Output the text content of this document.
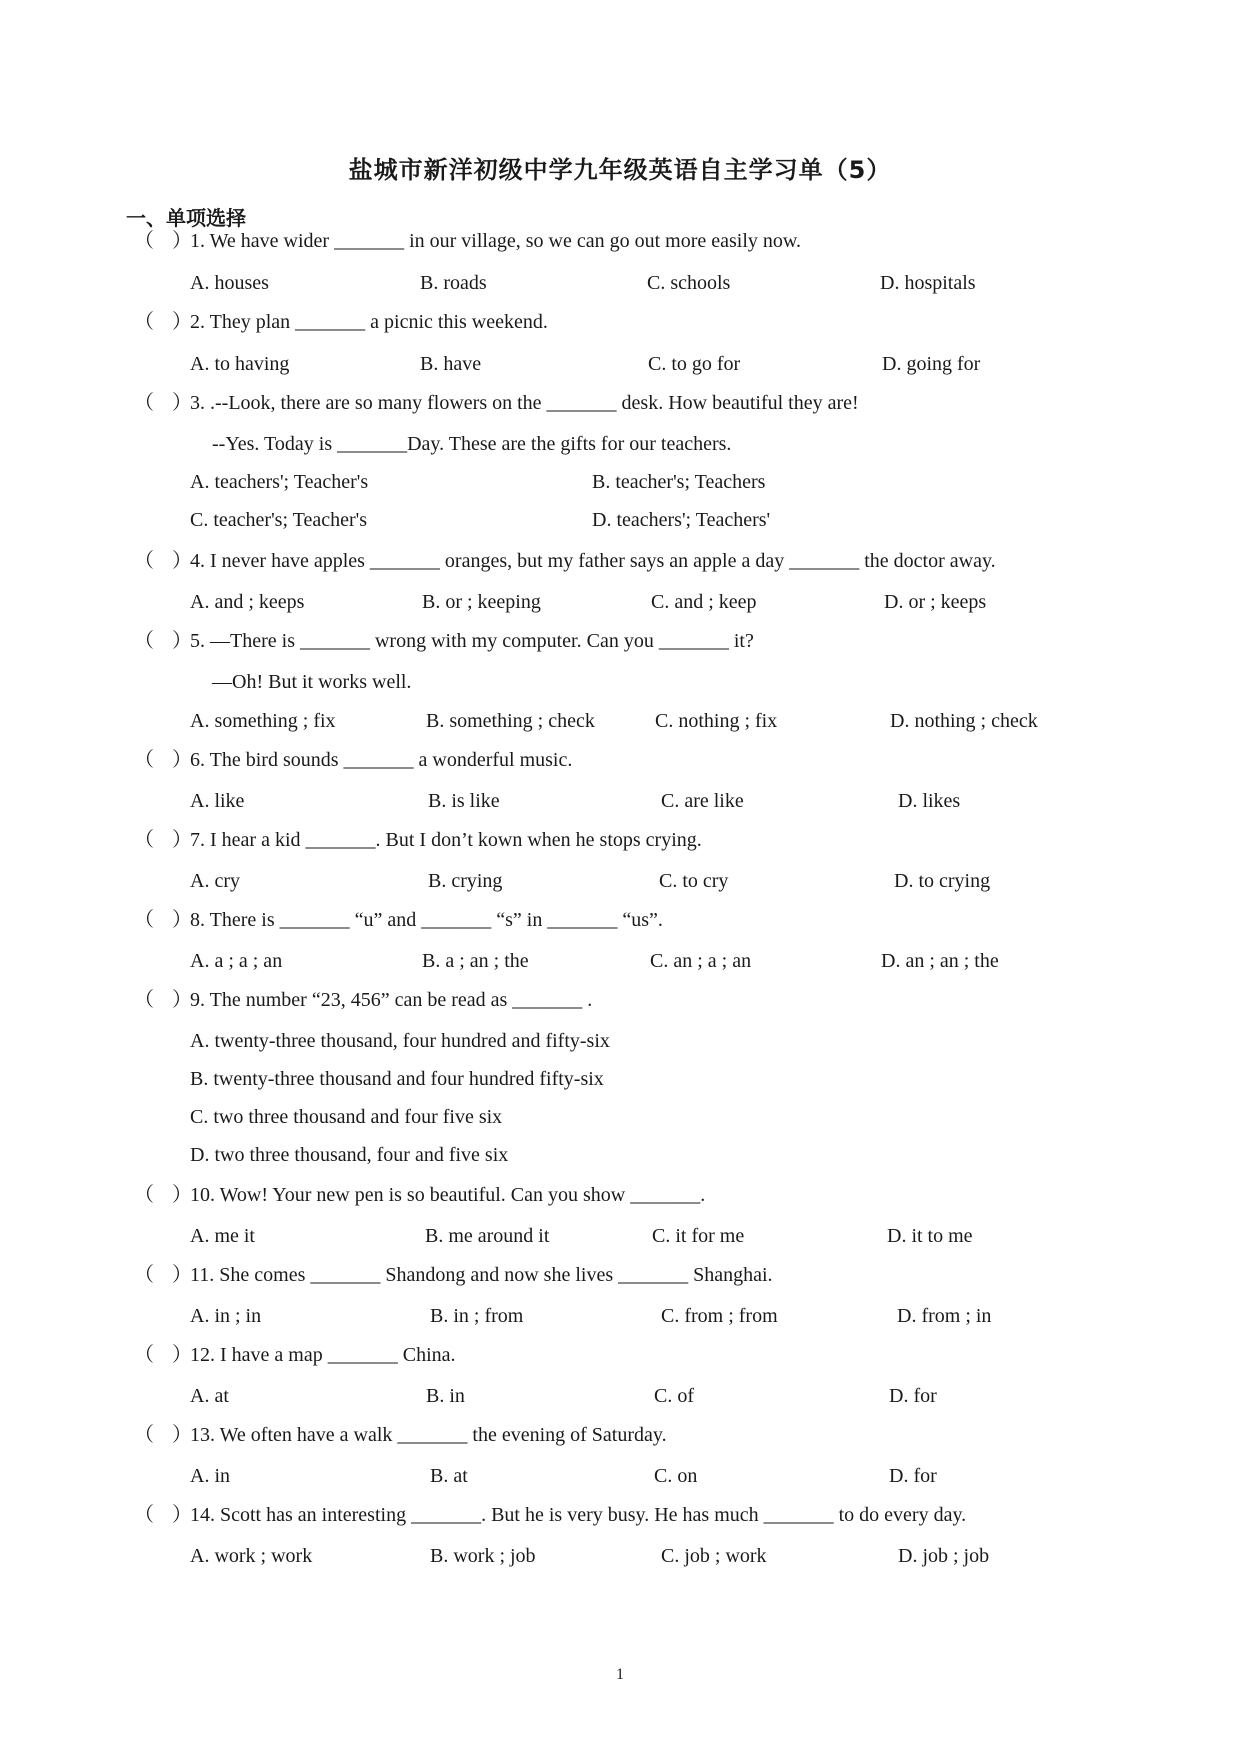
盐城市新洋初级中学九年级英语自主学习单（5）
一、单项选择
（ ）
1. We have wider _______ in our village, so we can go out more easily now.
A. houses	B. roads	C. schools	D. hospitals
（ ）
2. They plan _______ a picnic this weekend.
A. to having	B. have	C. to go for	D. going for
（ ）
3. .--Look, there are so many flowers on the _______ desk. How beautiful they are!
--Yes. Today is _______Day. These are the gifts for our teachers.
A. teachers'; Teacher's	B. teacher's; Teachers
C. teacher's; Teacher's	D. teachers'; Teachers'
（ ）
4. I never have apples _______ oranges, but my father says an apple a day _______ the doctor away.
A. and ; keeps	B. or ; keeping	C. and ; keep	D. or ; keeps
（ ）
5. —There is _______ wrong with my computer. Can you _______ it?
—Oh! But it works well.
A. something ; fix	B. something ; check	C. nothing ; fix	D. nothing ; check
（ ）
6. The bird sounds _______ a wonderful music.
A. like	B. is like	C. are like	D. likes
（ ）
7. I hear a kid _______. But I don’t kown when he stops crying.
A. cry	B. crying	C. to cry	D. to crying
（ ）
8. There is _______ “u” and _______ “s” in _______ “us”.
A. a ; a ; an	B. a ; an ; the	C. an ; a ; an	D. an ; an ; the
（ ）
9. The number “23, 456” can be read as _______ .
A. twenty-three thousand, four hundred and fifty-six
B. twenty-three thousand and four hundred fifty-six
C. two three thousand and four five six
D. two three thousand, four and five six
（ ）
10. Wow! Your new pen is so beautiful. Can you show _______.
A. me it	B. me around it	C. it for me	D. it to me
（ ）
11. She comes _______ Shandong and now she lives _______ Shanghai.
A. in ; in	B. in ; from	C. from ; from	D. from ; in
（ ）
12. I have a map _______ China.
A. at	B. in	C. of	D. for
（ ）
13. We often have a walk _______ the evening of Saturday.
A. in	B. at	C. on	D. for
（ ）
14. Scott has an interesting _______. But he is very busy. He has much _______ to do every day.
A. work ; work	B. work ; job	C. job ; work	D. job ; job
1
